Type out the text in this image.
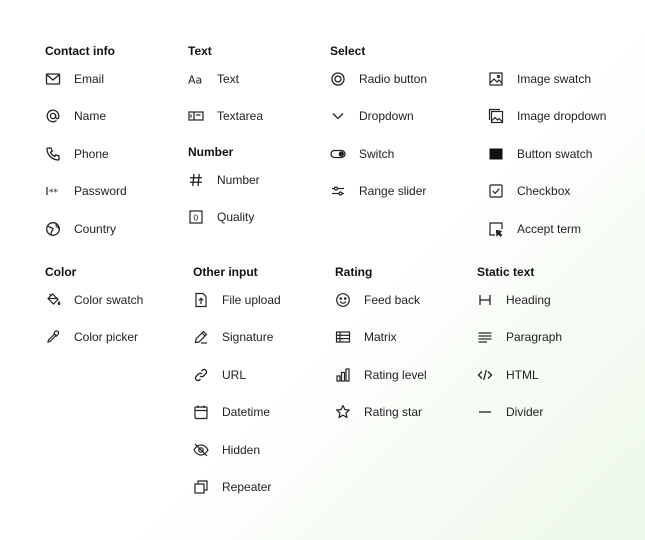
Contact info
Email
Name
Phone
** Password
Country
Text
Aa Text
Textarea
Number
Number
0 Quality
Select
Radio button
Dropdown
Switch
Range slider
Image swatch
Image dropdown
Button swatch
Checkbox
Accept term
Color
Color swatch
Color picker
Other input
File upload
Signature
URL
Datetime
Hidden
Repeater
Rating
Feed back
Matrix
Rating level
Rating star
Static text
Heading
Paragraph
HTML
Divider
